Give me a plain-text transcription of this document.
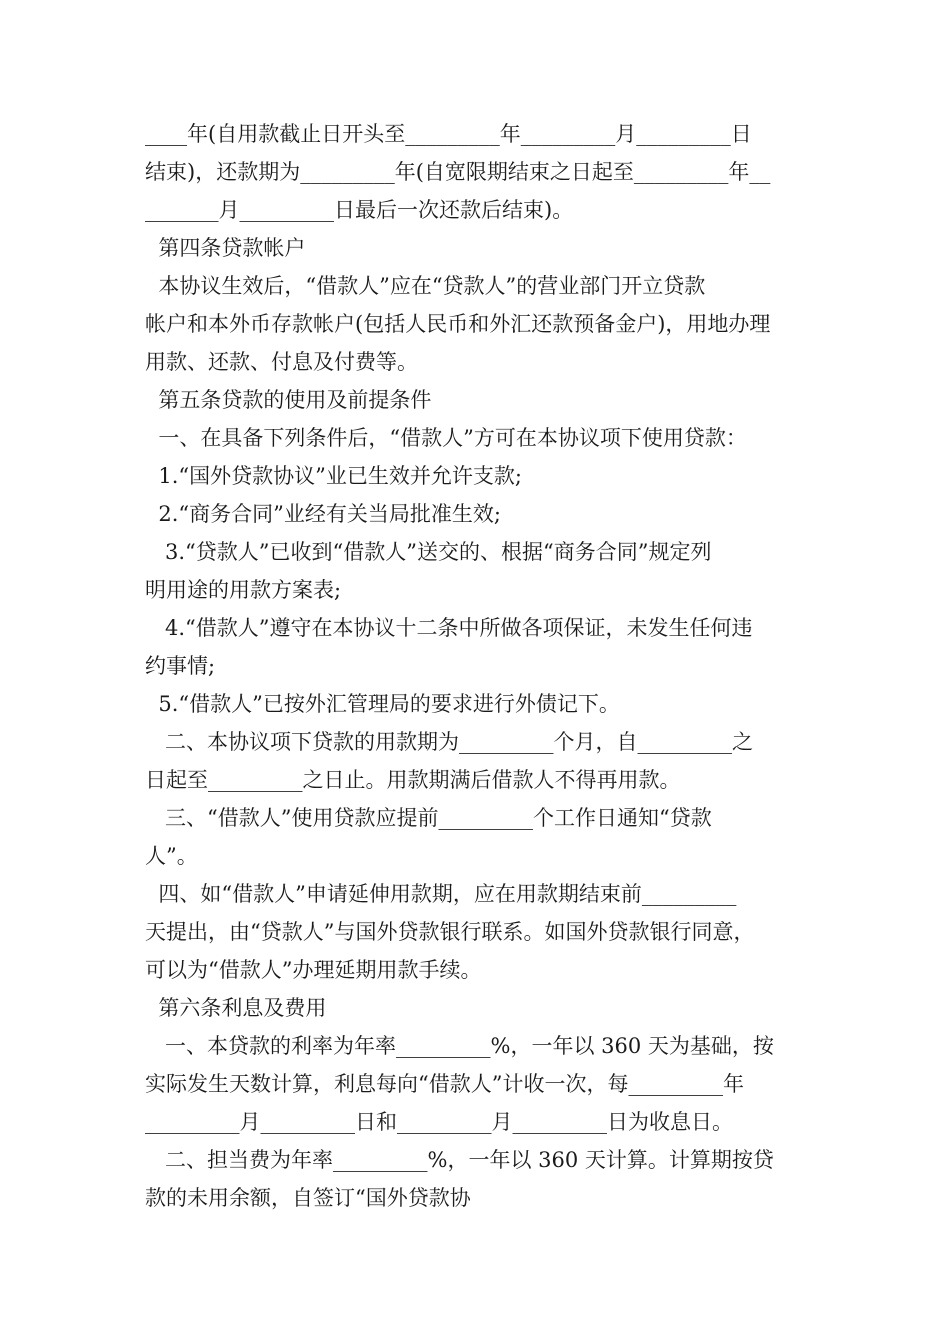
____年(自用款截止日开头至_________年_________月_________日
结束)，还款期为_________年(自宽限期结束之日起至_________年__
_______月_________日最后一次还款后结束)。
第四条贷款帐户
本协议生效后，“借款人”应在“贷款人”的营业部门开立贷款
帐户和本外币存款帐户(包括人民币和外汇还款预备金户)，用地办理
用款、还款、付息及付费等。
第五条贷款的使用及前提条件
一、在具备下列条件后，“借款人”方可在本协议项下使用贷款：
1.“国外贷款协议”业已生效并允许支款;
2.“商务合同”业经有关当局批准生效;
3.“贷款人”已收到“借款人”送交的、根据“商务合同”规定列
明用途的用款方案表;
4.“借款人”遵守在本协议十二条中所做各项保证，未发生任何违
约事情;
5.“借款人”已按外汇管理局的要求进行外债记下。
二、本协议项下贷款的用款期为_________个月，自_________之
日起至_________之日止。用款期满后借款人不得再用款。
三、“借款人”使用贷款应提前_________个工作日通知“贷款
人”。
四、如“借款人”申请延伸用款期，应在用款期结束前_________
天提出，由“贷款人”与国外贷款银行联系。如国外贷款银行同意，
可以为“借款人”办理延期用款手续。
第六条利息及费用
一、本贷款的利率为年率_________%，一年以 360 天为基础，按
实际发生天数计算，利息每向“借款人”计收一次，每_________年
_________月_________日和_________月_________日为收息日。
二、担当费为年率_________%，一年以 360 天计算。计算期按贷
款的未用余额，自签订“国外贷款协
